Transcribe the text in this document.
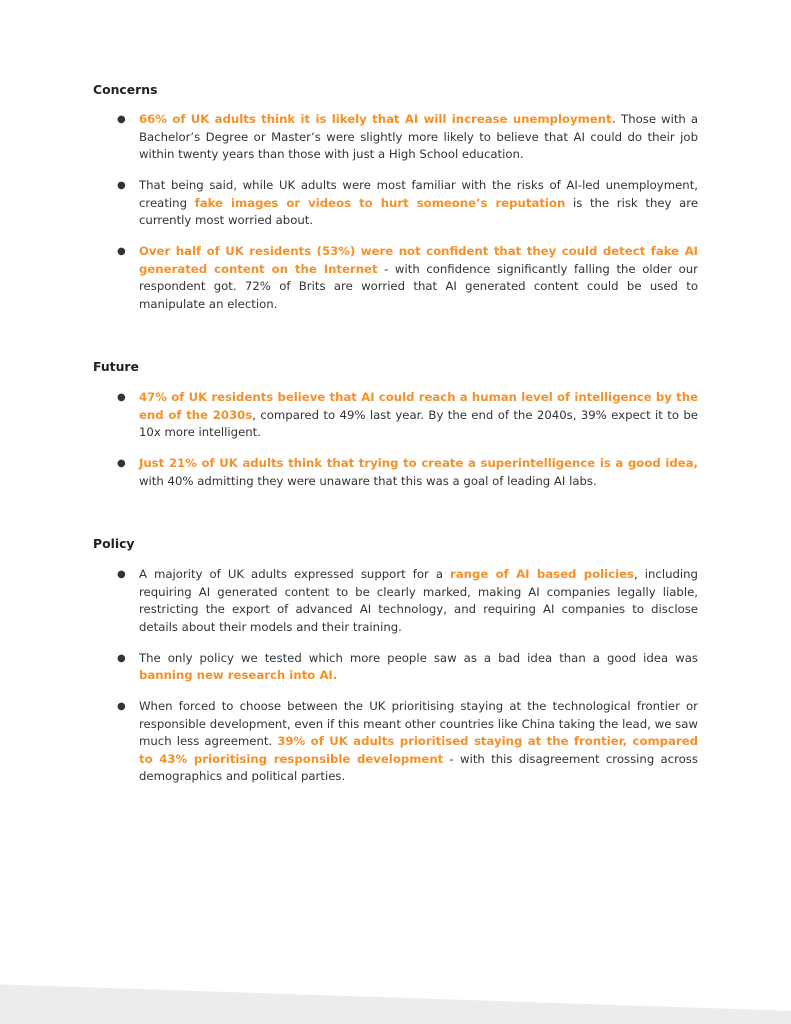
Concerns
● 66% of UK adults think it is likely that AI will increase unemployment. Those with a Bachelor’s Degree or Master’s were slightly more likely to believe that AI could do their job within twenty years than those with just a High School education.
● That being said, while UK adults were most familiar with the risks of AI-led unemployment, creating fake images or videos to hurt someone’s reputation is the risk they are currently most worried about.
● Over half of UK residents (53%) were not confident that they could detect fake AI generated content on the Internet - with confidence significantly falling the older our respondent got. 72% of Brits are worried that AI generated content could be used to manipulate an election.
Future
● 47% of UK residents believe that AI could reach a human level of intelligence by the end of the 2030s, compared to 49% last year. By the end of the 2040s, 39% expect it to be 10x more intelligent.
● Just 21% of UK adults think that trying to create a superintelligence is a good idea, with 40% admitting they were unaware that this was a goal of leading AI labs.
Policy
● A majority of UK adults expressed support for a range of AI based policies, including requiring AI generated content to be clearly marked, making AI companies legally liable, restricting the export of advanced AI technology, and requiring AI companies to disclose details about their models and their training.
● The only policy we tested which more people saw as a bad idea than a good idea was banning new research into AI.
● When forced to choose between the UK prioritising staying at the technological frontier or responsible development, even if this meant other countries like China taking the lead, we saw much less agreement. 39% of UK adults prioritised staying at the frontier, compared to 43% prioritising responsible development - with this disagreement crossing across demographics and political parties.
